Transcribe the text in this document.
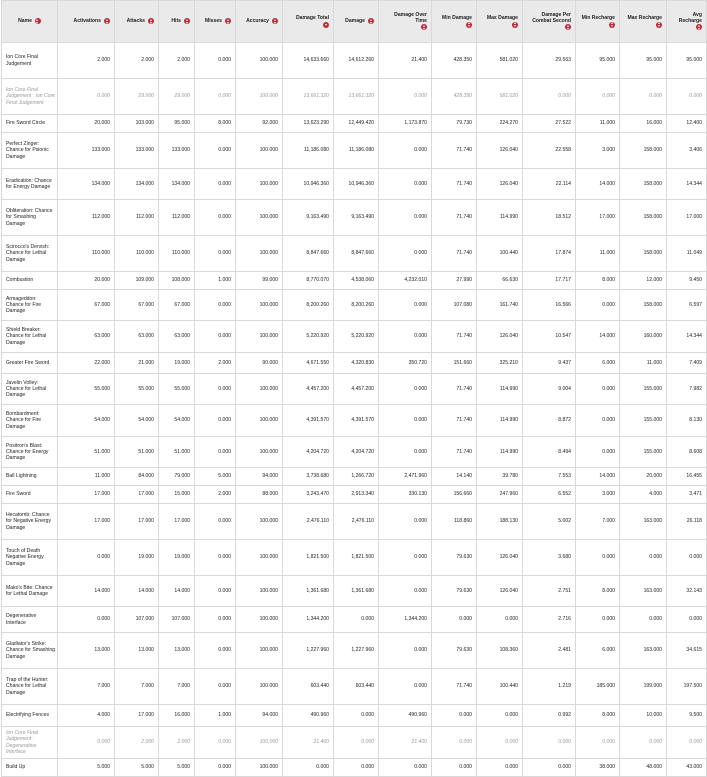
Name	Activations	Attacks	Hits	Misses	Accuracy	Damage Total	Damage	Damage Over Time	Min Damage	Max Damage	Damage Per Combat Second	Min Recharge	Max Recharge	Avg Recharge
Ion Core Final Judgement	2.000	2.000	2.000	0.000	100.000	14,633.660	14,612.260	21.400	428.350	581.020	29.563	95.000	95.000	95.000
Ion Core Final Judgement : Ion Core Final Judgement	0.000	29.000	29.000	0.000	100.000	13,661.320	13,661.320	0.000	428.350	581.020	0.000	0.000	0.000	0.000
Fire Sword Circle	20.000	103.000	95.000	8.000	92.000	13,623.290	12,449.420	1,173.870	79.730	224.270	27.522	11.000	16.000	12.400
Perfect Zinger: Chance for Psionic Damage	133.000	133.000	133.000	0.000	100.000	11,186.080	11,186.080	0.000	71.740	126.040	22.558	3.000	158.000	3.406
Eradication: Chance for Energy Damage	134.000	134.000	134.000	0.000	100.000	10,946.360	10,946.360	0.000	71.740	126.040	22.114	14.000	158.000	14.344
Obliteration: Chance for Smashing Damage	112.000	112.000	112.000	0.000	100.000	9,163.490	9,163.490	0.000	71.740	114.990	18.512	17.000	158.000	17.000
Scirocco's Dervish: Chance for Lethal Damage	110.000	110.000	110.000	0.000	100.000	8,847.660	8,847.660	0.000	71.740	100.440	17.874	11.000	158.000	11.049
Combustion	20.000	109.000	108.000	1.000	99.000	8,770.070	4,538.060	4,232.010	27.990	66.630	17.717	8.000	12.000	9.450
Armageddon: Chance for Fire Damage	67.000	67.000	67.000	0.000	100.000	8,200.260	8,200.260	0.000	107.080	161.740	16.566	0.000	158.000	6.597
Shield Breaker: Chance for Lethal Damage	63.000	63.000	63.000	0.000	100.000	5,220.920	5,220.920	0.000	71.740	126.040	10.547	14.000	160.000	14.344
Greater Fire Sword	22.000	21.000	19.000	2.000	90.000	4,671.550	4,320.830	350.720	151.660	325.210	9.437	6.000	11.000	7.409
Javelin Volley: Chance for Lethal Damage	55.000	55.000	55.000	0.000	100.000	4,457.200	4,457.200	0.000	71.740	114.990	9.004	0.000	155.000	7.982
Bombardment: Chance for Fire Damage	54.000	54.000	54.000	0.000	100.000	4,391.570	4,391.570	0.000	71.740	114.990	8.872	0.000	155.000	8.130
Positron's Blast: Chance for Energy Damage	51.000	51.000	51.000	0.000	100.000	4,204.720	4,204.720	0.000	71.740	114.990	8.494	0.000	155.000	8.608
Ball Lightning	11.000	84.000	79.000	5.000	94.000	3,738.680	1,266.720	2,471.960	14.140	39.780	7.553	14.000	20.000	16.455
Fire Sword	17.000	17.000	15.000	2.000	88.000	3,243.470	2,913.340	330.130	156.660	247.960	6.552	3.000	4.000	3.471
Hecatomb: Chance for Negative Energy Damage	17.000	17.000	17.000	0.000	100.000	2,476.110	2,476.110	0.000	118.860	188.130	5.002	7.000	163.000	26.118
Touch of Death Negative Energy Damage	0.000	19.000	19.000	0.000	100.000	1,821.500	1,821.500	0.000	79.630	126.040	3.680	0.000	0.000	0.000
Mako's Bite: Chance for Lethal Damage	14.000	14.000	14.000	0.000	100.000	1,361.680	1,361.680	0.000	79.630	126.040	2.751	8.000	163.000	32.143
Degenerative Interface	0.000	107.000	107.000	0.000	100.000	1,344.200	0.000	1,344.200	0.000	0.000	2.716	0.000	0.000	0.000
Gladiator's Strike: Chance for Smashing Damage	13.000	13.000	13.000	0.000	100.000	1,227.960	1,227.960	0.000	79.630	108.360	2.481	6.000	163.000	34.615
Trap of the Hunter: Chance for Lethal Damage	7.000	7.000	7.000	0.000	100.000	603.440	603.440	0.000	71.740	100.440	1.219	185.000	199.000	197.500
Electrifying Fences	4.000	17.000	16.000	1.000	94.000	490.960	0.000	490.960	0.000	0.000	0.992	8.000	10.000	9.500
Ion Core Final Judgement : Degenerative Interface	0.000	2.000	2.000	0.000	100.000	21.400	0.000	21.400	0.000	0.000	0.000	0.000	0.000	0.000
Build Up	5.000	5.000	5.000	0.000	100.000	0.000	0.000	0.000	0.000	0.000	0.000	38.000	48.000	43.000
